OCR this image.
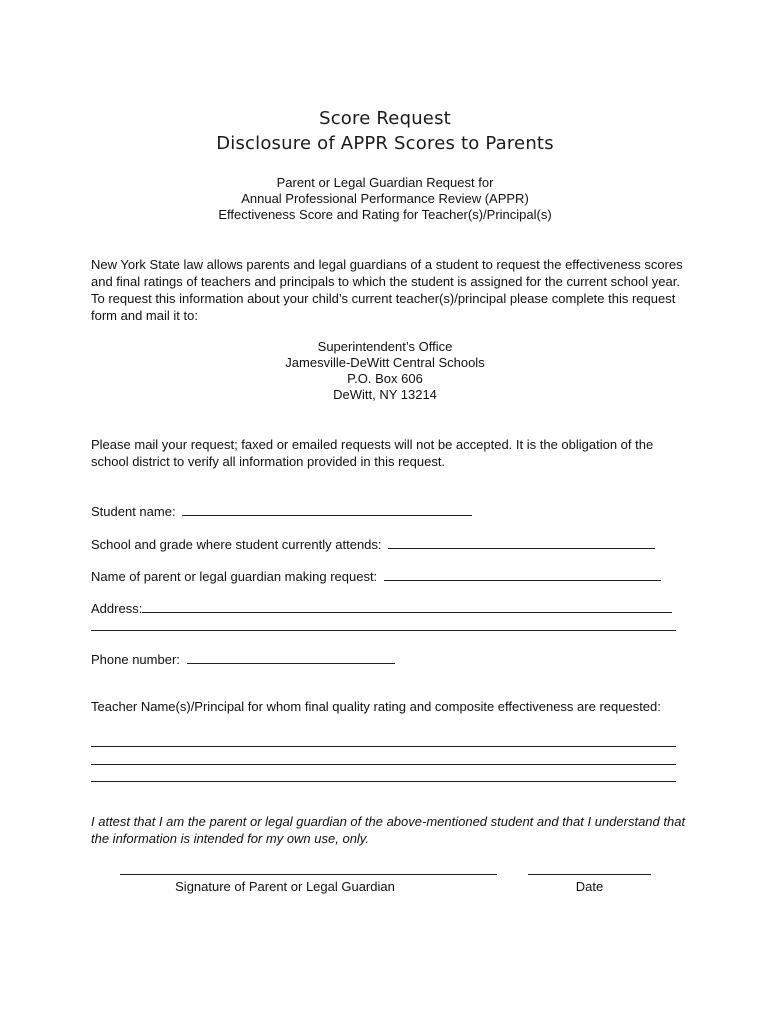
Score Request
Disclosure of APPR Scores to Parents
Parent or Legal Guardian Request for
Annual Professional Performance Review (APPR)
Effectiveness Score and Rating for Teacher(s)/Principal(s)
New York State law allows parents and legal guardians of a student to request the effectiveness scores and final ratings of teachers and principals to which the student is assigned for the current school year. To request this information about your child’s current teacher(s)/principal please complete this request form and mail it to:
Superintendent’s Office
Jamesville-DeWitt Central Schools
P.O. Box 606
DeWitt, NY 13214
Please mail your request; faxed or emailed requests will not be accepted. It is the obligation of the school district to verify all information provided in this request.
Student name:
School and grade where student currently attends:
Name of parent or legal guardian making request:
Address:
Phone number:
Teacher Name(s)/Principal for whom final quality rating and composite effectiveness are requested:
I attest that I am the parent or legal guardian of the above-mentioned student and that I understand that the information is intended for my own use, only.
Signature of Parent or Legal Guardian	Date
